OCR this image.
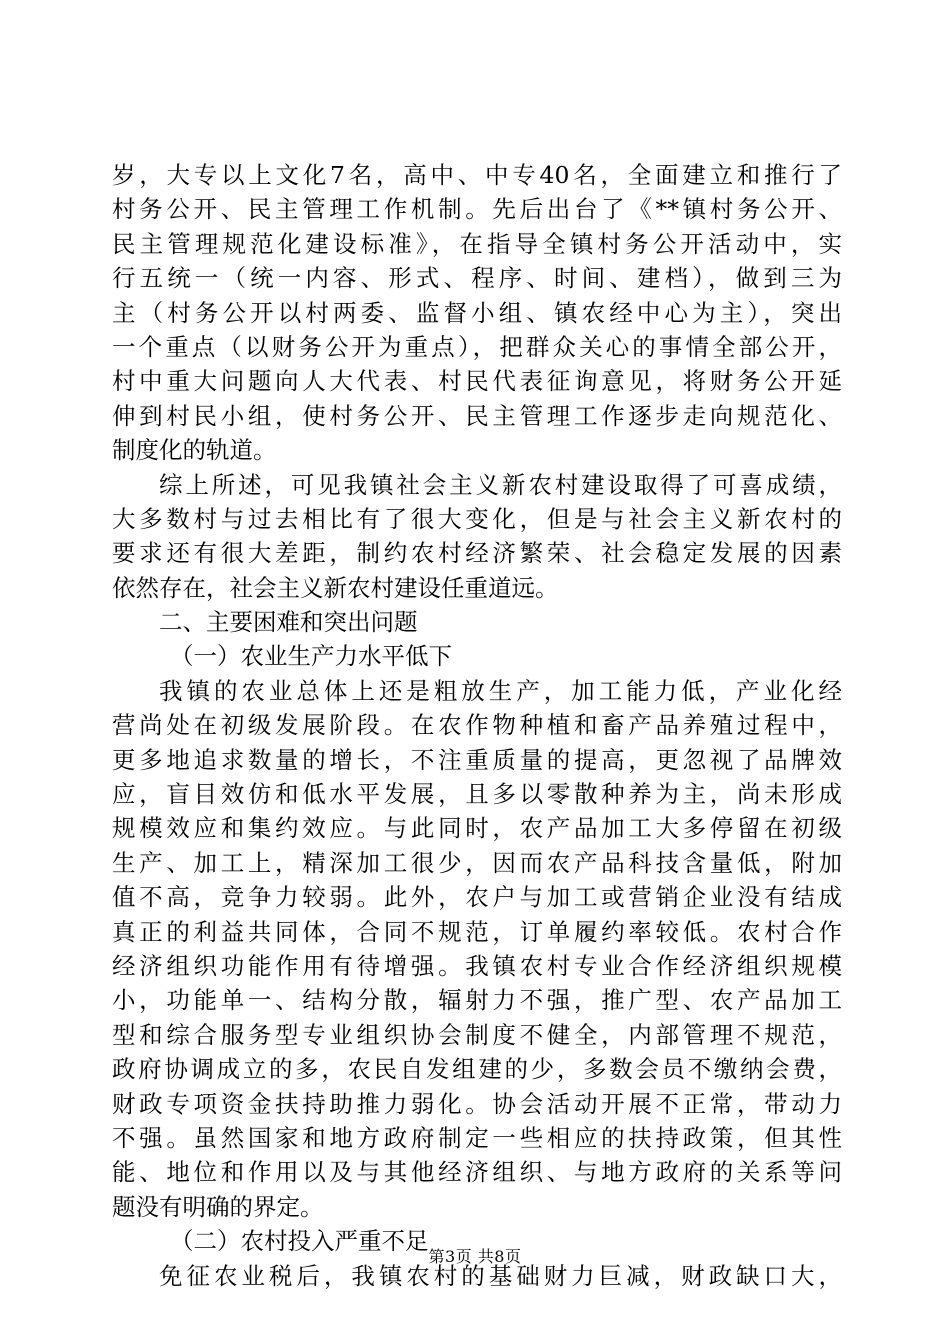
岁，大专以上文化7名，高中、中专40名，全面建立和推行了
村务公开、民主管理工作机制。先后出台了《**镇村务公开、
民主管理规范化建设标准》，在指导全镇村务公开活动中，实
行五统一（统一内容、形式、程序、时间、建档），做到三为
主（村务公开以村两委、监督小组、镇农经中心为主），突出
一个重点（以财务公开为重点），把群众关心的事情全部公开，
村中重大问题向人大代表、村民代表征询意见，将财务公开延
伸到村民小组，使村务公开、民主管理工作逐步走向规范化、
制度化的轨道。
综上所述，可见我镇社会主义新农村建设取得了可喜成绩，
大多数村与过去相比有了很大变化，但是与社会主义新农村的
要求还有很大差距，制约农村经济繁荣、社会稳定发展的因素
依然存在，社会主义新农村建设任重道远。
二、主要困难和突出问题
（一）农业生产力水平低下
我镇的农业总体上还是粗放生产，加工能力低，产业化经
营尚处在初级发展阶段。在农作物种植和畜产品养殖过程中，
更多地追求数量的增长，不注重质量的提高，更忽视了品牌效
应，盲目效仿和低水平发展，且多以零散种养为主，尚未形成
规模效应和集约效应。与此同时，农产品加工大多停留在初级
生产、加工上，精深加工很少，因而农产品科技含量低，附加
值不高，竞争力较弱。此外，农户与加工或营销企业没有结成
真正的利益共同体，合同不规范，订单履约率较低。农村合作
经济组织功能作用有待增强。我镇农村专业合作经济组织规模
小，功能单一、结构分散，辐射力不强，推广型、农产品加工
型和综合服务型专业组织协会制度不健全，内部管理不规范，
政府协调成立的多，农民自发组建的少，多数会员不缴纳会费，
财政专项资金扶持助推力弱化。协会活动开展不正常，带动力
不强。虽然国家和地方政府制定一些相应的扶持政策，但其性
能、地位和作用以及与其他经济组织、与地方政府的关系等问
题没有明确的界定。
（二）农村投入严重不足
免征农业税后，我镇农村的基础财力巨减，财政缺口大，
第3页 共8页
